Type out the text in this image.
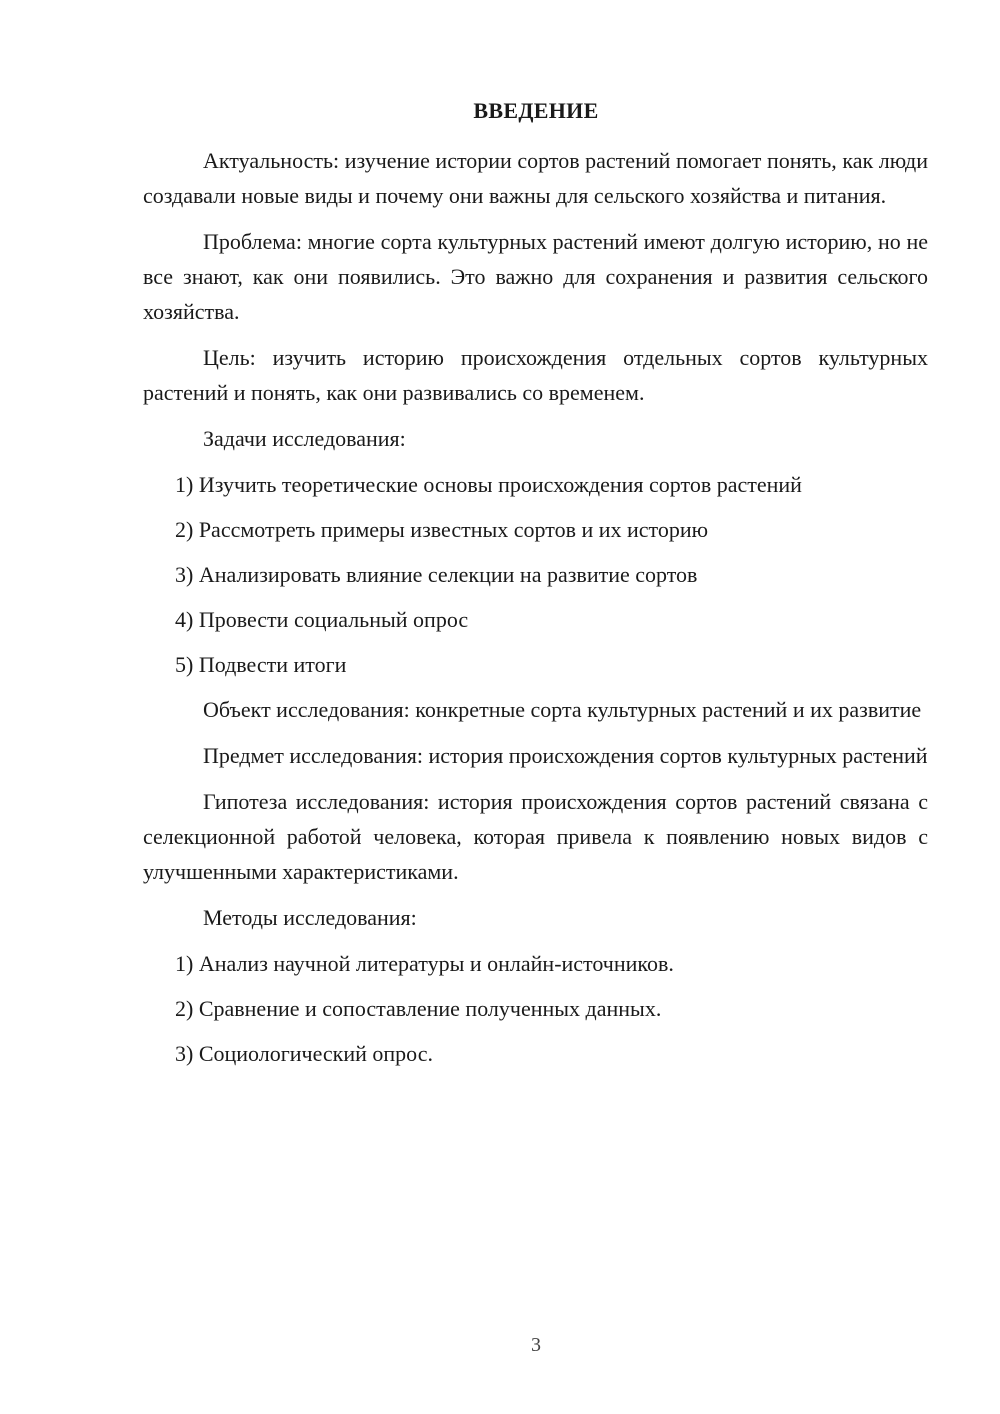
ВВЕДЕНИЕ

Актуальность: изучение истории сортов растений помогает понять, как люди создавали новые виды и почему они важны для сельского хозяйства и питания.

Проблема: многие сорта культурных растений имеют долгую историю, но не все знают, как они появились. Это важно для сохранения и развития сельского хозяйства.

Цель: изучить историю происхождения отдельных сортов культурных растений и понять, как они развивались со временем.

Задачи исследования:

1) Изучить теоретические основы происхождения сортов растений
2) Рассмотреть примеры известных сортов и их историю
3) Анализировать влияние селекции на развитие сортов
4) Провести социальный опрос
5) Подвести итоги

Объект исследования: конкретные сорта культурных растений и их развитие

Предмет исследования: история происхождения сортов культурных растений

Гипотеза исследования: история происхождения сортов растений связана с селекционной работой человека, которая привела к появлению новых видов с улучшенными характеристиками.

Методы исследования:

1) Анализ научной литературы и онлайн-источников.
2) Сравнение и сопоставление полученных данных.
3) Социологический опрос.
3
